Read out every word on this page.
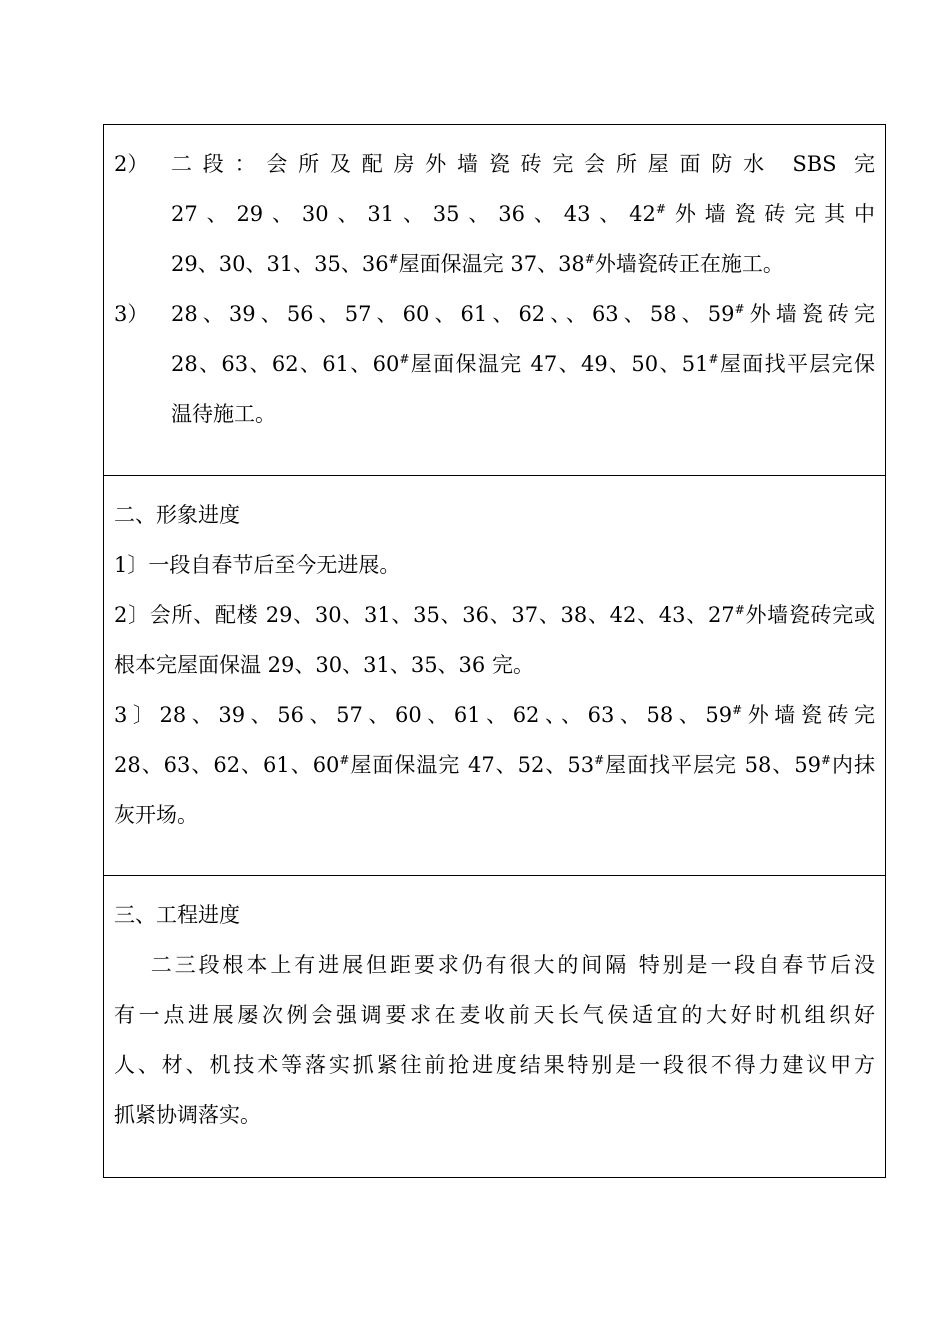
2）	二段：会所及配房外墙瓷砖完会所屋面防水 SBS 完
27、29、30、31、35、36、43、42#外墙瓷砖完其中
29、30、31、35、36#屋面保温完 37、38#外墙瓷砖正在施工。
3）	28、39、56、57、60、61、62、、63、58、59#外墙瓷砖完
28、63、62、61、60#屋面保温完 47、49、50、51#屋面找平层完保
温待施工。
二、形象进度
1〕一段自春节后至今无进展。
2〕会所、配楼 29、30、31、35、36、37、38、42、43、27#外墙瓷砖完或
根本完屋面保温 29、30、31、35、36 完。
3〕28、39、56、57、60、61、62、、63、58、59#外墙瓷砖完
28、63、62、61、60#屋面保温完 47、52、53#屋面找平层完 58、59#内抹
灰开场。
三、工程进度
二三段根本上有进展但距要求仍有很大的间隔 特别是一段自春节后没
有一点进展屡次例会强调要求在麦收前天长气侯适宜的大好时机组织好
人、材、机技术等落实抓紧往前抢进度结果特别是一段很不得力建议甲方
抓紧协调落实。
